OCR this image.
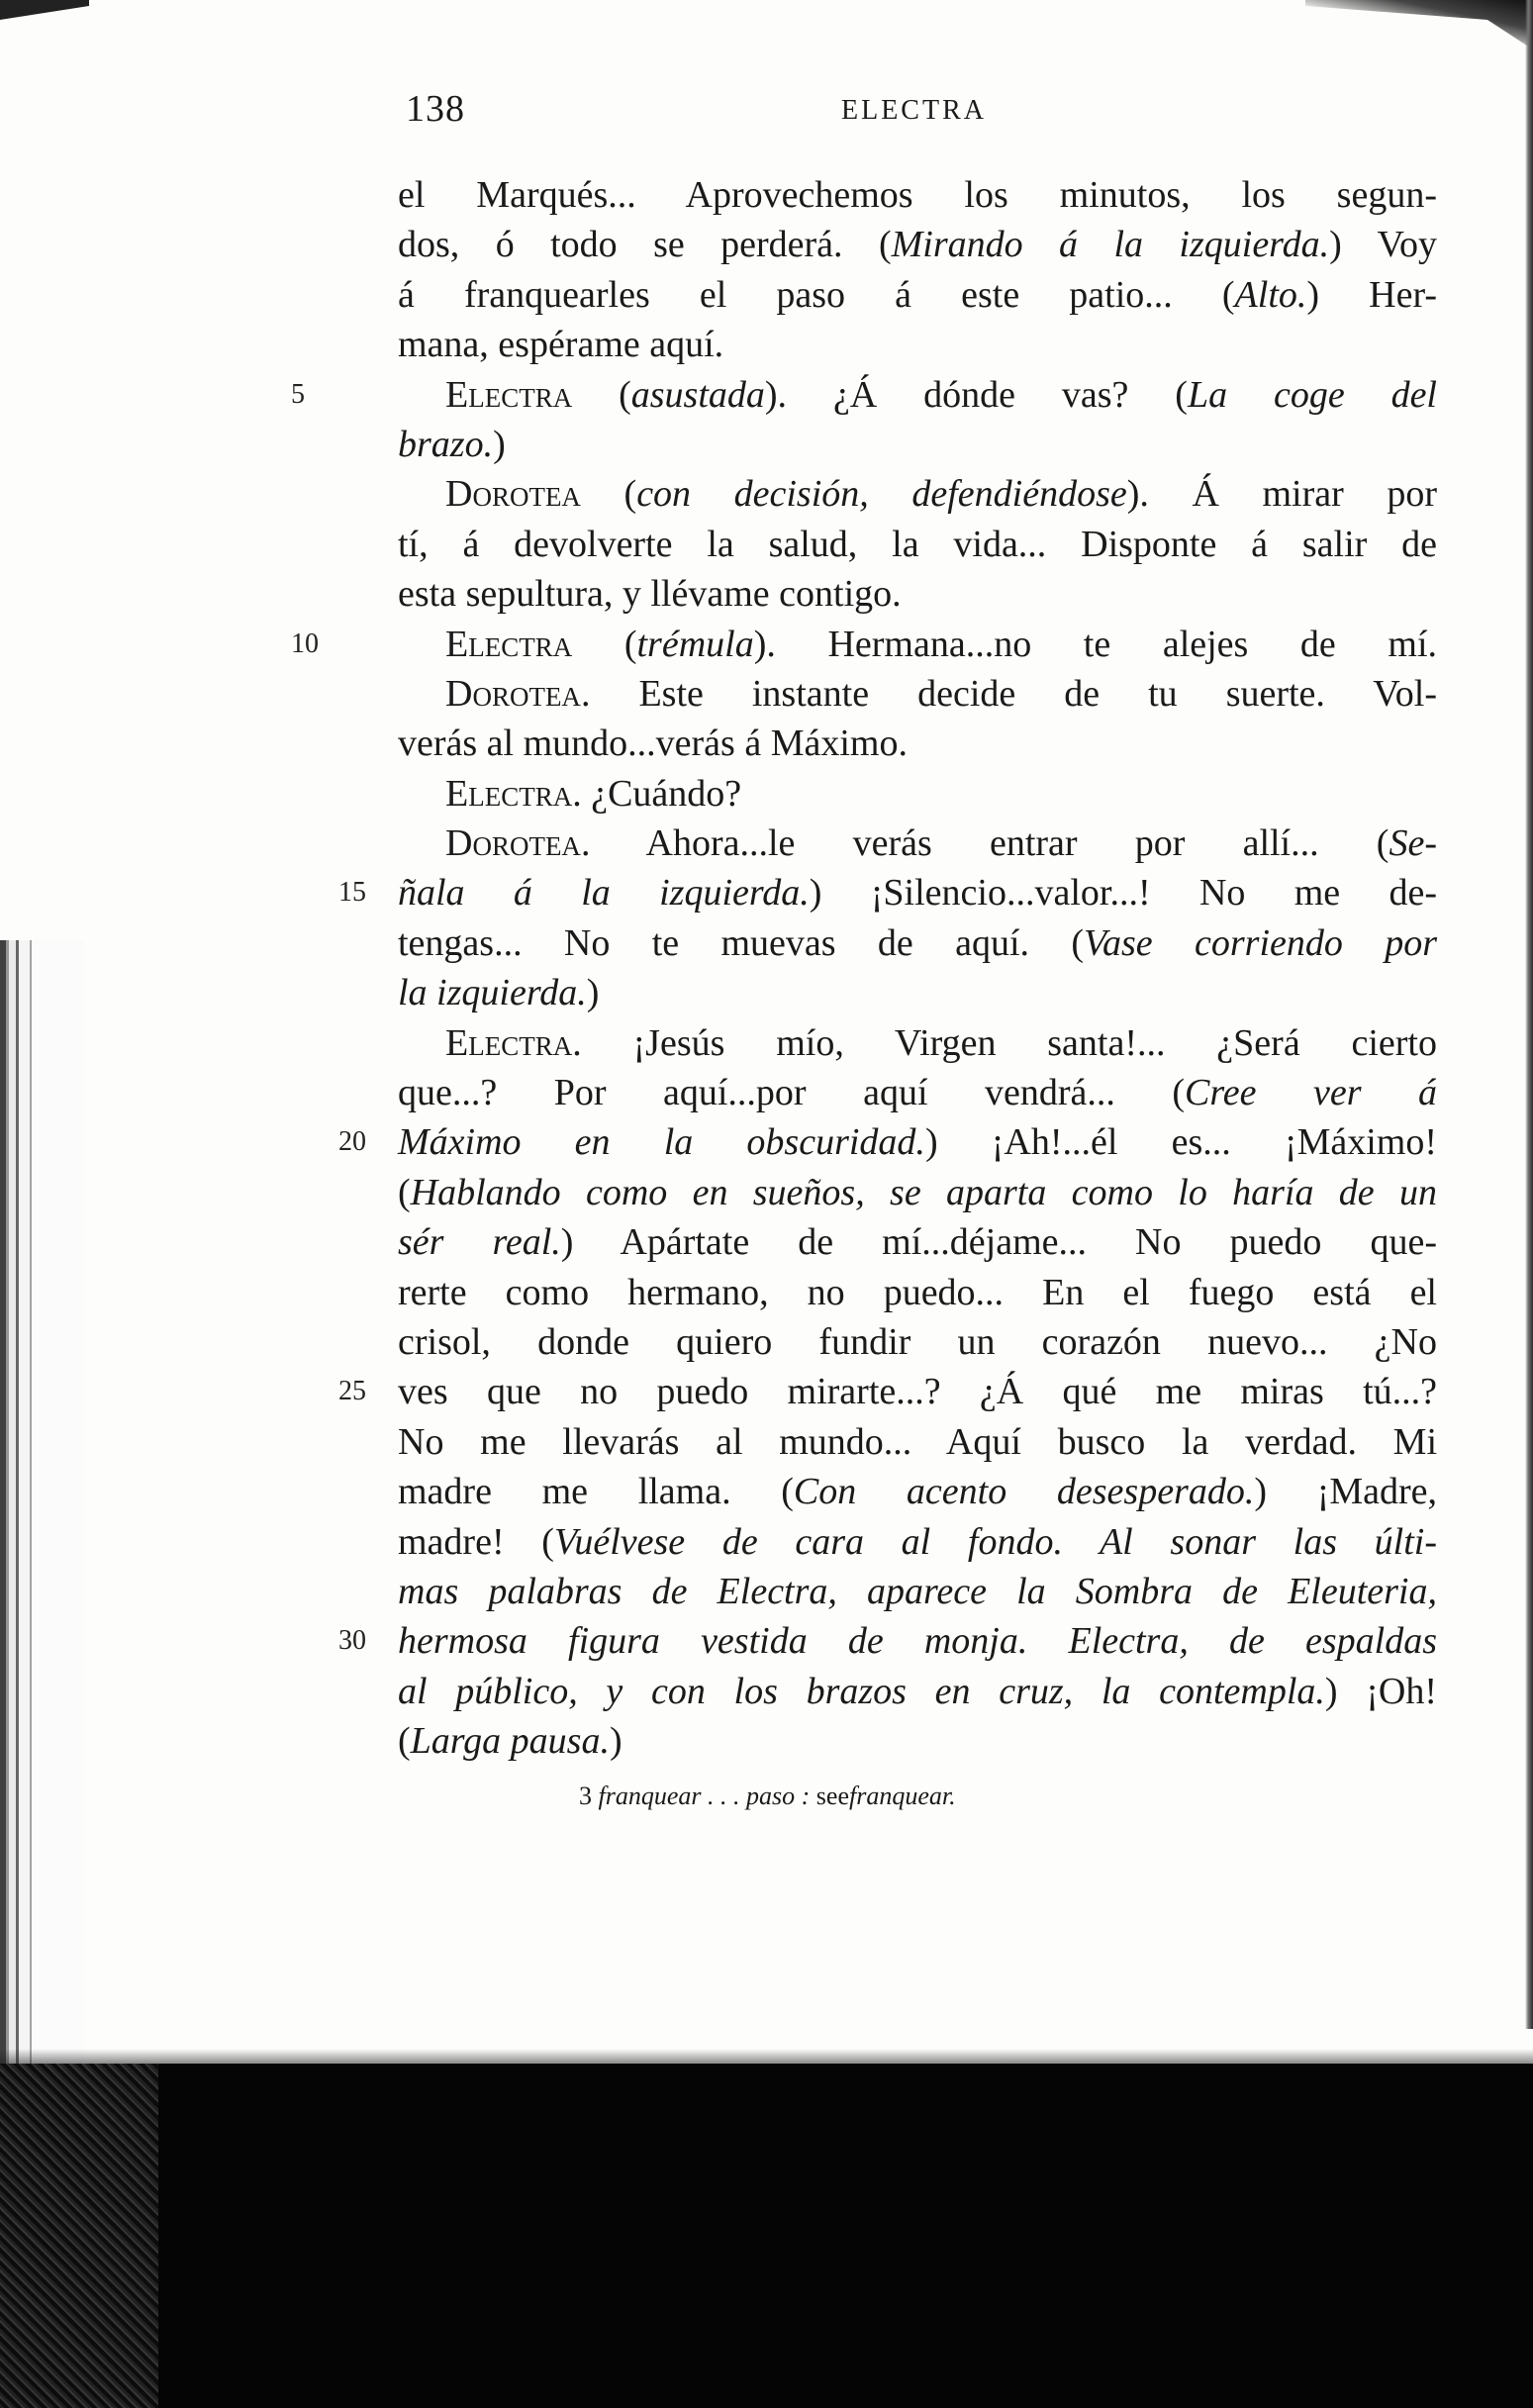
138	ELECTRA
el Marqués... Aprovechemos los minutos, los segun-
dos, ó todo se perderá. (Mirando á la izquierda.) Voy
á franquearles el paso á este patio... (Alto.) Her-
mana, espérame aquí.
5	Electra (asustada). ¿Á dónde vas? (La coge del
brazo.)
Dorotea (con decisión, defendiéndose). Á mirar por
tí, á devolverte la salud, la vida... Disponte á salir de
esta sepultura, y llévame contigo.
10	Electra (trémula). Hermana...no te alejes de mí.
Dorotea. Este instante decide de tu suerte. Vol-
verás al mundo...verás á Máximo.
Electra. ¿Cuándo?
Dorotea. Ahora...le verás entrar por allí... (Se-
15 ñala á la izquierda.) ¡Silencio...valor...! No me de-
tengas... No te muevas de aquí. (Vase corriendo por
la izquierda.)
Electra. ¡Jesús mío, Virgen santa!... ¿Será cierto
que...? Por aquí...por aquí vendrá... (Cree ver á
20 Máximo en la obscuridad.) ¡Ah!...él es... ¡Máximo!
(Hablando como en sueños, se aparta como lo haría de un
sér real.) Apártate de mí...déjame... No puedo que-
rerte como hermano, no puedo... En el fuego está el
crisol, donde quiero fundir un corazón nuevo... ¿No
25 ves que no puedo mirarte...? ¿Á qué me miras tú...?
No me llevarás al mundo... Aquí busco la verdad. Mi
madre me llama. (Con acento desesperado.) ¡Madre,
madre! (Vuélvese de cara al fondo. Al sonar las últi-
mas palabras de Electra, aparece la Sombra de Eleuteria,
30 hermosa figura vestida de monja. Electra, de espaldas
al público, y con los brazos en cruz, la contempla.) ¡Oh!
(Larga pausa.)
3 franquear . . . paso : seefranquear.
